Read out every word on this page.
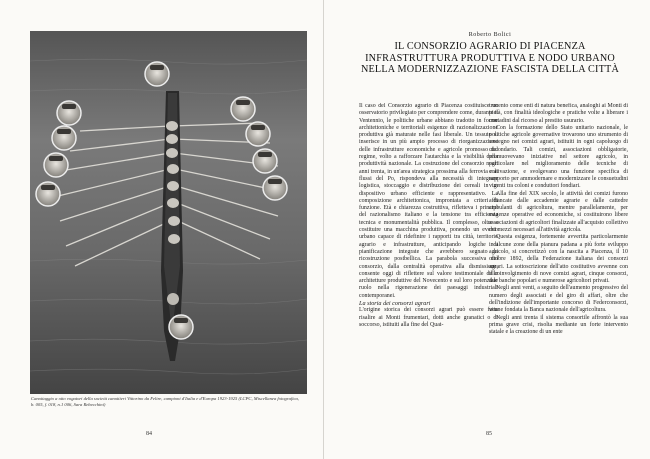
Canottaggio a otto vogatori della società canottieri Vittorino da Feltre, campioni d'Italia e d'Europa 1923-1925 (LCPC, Miscellanea fotografica, b. 005, f. 018, n.1 006, Sara Rebecchini)
84
Roberto Bolici
IL CONSORZIO AGRARIO DI PIACENZA
INFRASTRUTTURA PRODUTTIVA E NODO URBANO
NELLA MODERNIZZAZIONE FASCISTA DELLA CITTÀ

Il caso del Consorzio agrario di Piacenza costituisce un osservatorio privilegiato per comprendere come, durante il Ventennio, le politiche urbane abbiano tradotto in forme architettoniche e territoriali esigenze di razionalizzazione produttiva già maturate nelle fasi liberale. Un tessuto si inserisce in un più ampio processo di riorganizzazione delle infrastrutture economiche e agricole promosso dal regime, volto a rafforzare l'autarchia e la visibilità della produttività nazionale. La costruzione del consorzio negli anni trenta, in un'area strategica prossima alla ferrovia e ai flussi del Po, rispondeva alla necessità di integrare logistica, stoccaggio e distribuzione dei cereali in un dispositivo urbano efficiente e rappresentativo. La composizione architettonica, improntata a criteri di funzione. Età e chiarezza costruttiva, rifletteva i principi del razionalismo italiano e la tensione tra efficienza tecnica e monumentalità pubblica. Il complesso, oltre a costituire una macchina produttiva, ponendo un evento urbano capace di ridefinire i rapporti tra città, territorio agrario e infrastrutture, anticipando logiche di pianificazione integrate che avrebbero segnato la ricostruzione postbellica. La parabola successiva del consorzio, dalla centralità operativa alla dismissione, consente oggi di riflettere sul valore testimoniale delle architetture produttive del Novecento e sul loro potenziale ruolo nella rigenerazione dei paesaggi industriali contemporanei.

La storia dei consorzi agrari

L'origine storica dei consorzi agrari può essere fatta risalire ai Monti frumentari, dotti anche granatici o di soccorso, istituiti alla fine del Quat-

trocento come enti di natura benefica, analoghi ai Monti di pietà, con finalità ideologiche e pratiche volte a liberare i contadini dal ricorso al prestito usurario.

Con la formazione dello Stato unitario nazionale, le politiche agricole governative trovarono uno strumento di sostegno nei comizi agrari, istituiti in ogni capoluogo di circondario. Tali comizi, associazioni obbligatorie, promuovevano iniziative nel settore agricolo, in particolare nel miglioramento delle tecniche di coltivazione, e svolgevano una funzione specifica di supporto per ammodernare e modernizzare le consuetudini vigenti tra coloni e conduttori fondiari.

Alla fine del XIX secolo, le attività dei comizi furono affiancate dalle accademie agrarie e dalle cattedre ambulanti di agricoltura, mentre parallelamente, per esigenze operative ed economiche, si costituirono libere associazioni di agricoltori finalizzate all'acquisto collettivo dei mezzi necessari all'attività agricola.

Questa esigenza, fortemente avvertita particolarmente in alcune zone della pianura padana a più forte sviluppo agricolo, si concretizzò con la nascita a Piacenza, il 10 ottobre 1892, della Federazione italiana dei consorzi agrari. La sottoscrizione dell'atto costitutivo avvenne con il coinvolgimento di nove comizi agrari, cinque consorzi, due banche popolari e numerose agricoltori privati.

Negli anni venti, a seguito dell'aumento progressivo del numero degli associati e del giro di affari, oltre che dell'indizione dell'importante concorso di Federconsorzi, venne fondata la Banca nazionale dell'agricoltura.

Negli anni trenta il sistema consortile affrontò la sua prima grave crisi, risolta mediante un forte intervento statale e la creazione di un ente

85
